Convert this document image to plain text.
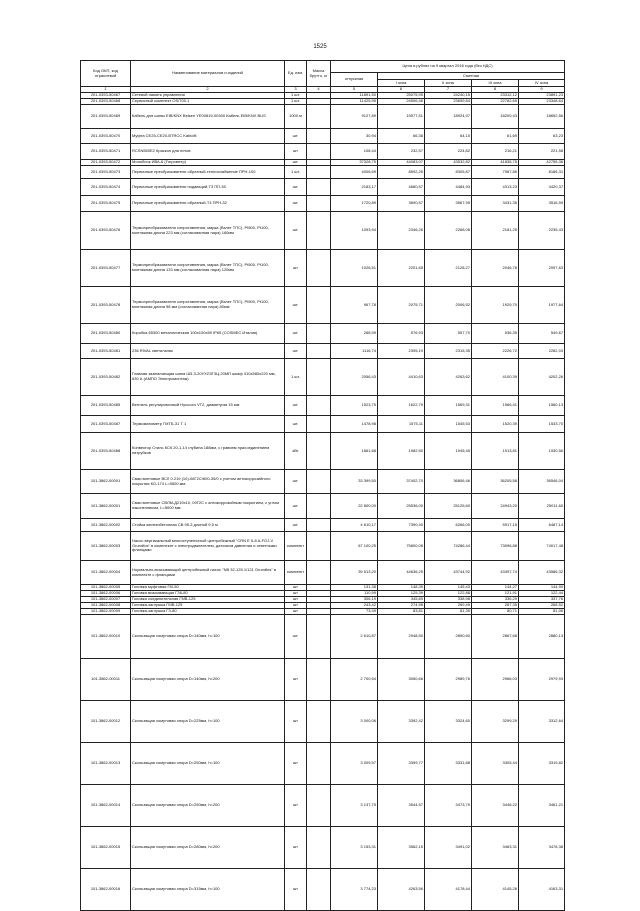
1525
Код ОКП, код отраслевой	Наименование материалов и изделий	Ед. изм.	Масса брутто, кг	Цена в рублях на 9 квартал 2016 года (без НДС)				
				отпускная	Сметная			
					I зона	II зона	III зона	IV зона
1	2	3	4	5	6	7	8	9
201-0393-50467	Сетевой память управления	1 шт.		11891,50	25075,95	24240,15	23312,12	23891,23
201-0393-50468	Сервисный комплект OS/700.1	1 шт.		11425,95	24506,46	23699,84	22782,69	23348,64
201-0393-50469	Кабель для шины EIB/KNX Belsen YE00819-00300 Кабель EIB/KNX BUS	1000 м		9127,89	19577,51	18924,97	18200,43	18652,56
201-0393-50470	Муфта CE25-CE20-BTRCC Kabiofil	шт.		30,94	66,38	64,15	61,69	63,23
201-0393-50471	RCSN550E2 Краскон для потов	шт		108,44	232,57	224,82	216,21	221,58
201-0393-50472	Моноблок ИВА-6 (Гигрометр)	шт.		37328,75	44083,07	43532,82	41835,75	42755,36
201-0393-50473	Первичные преобразователи обратный-теплоснабжение ПРН-100	1 шт.		4006,69	8592,26	8305,87	7987,86	8186,31
201-0393-50474	Первичные преобразователи подающий-ТЗ ПП-50	шт.		2183,17	4680,57	4484,93	4313,23	4420,37
201-0393-50475	Первичные преобразователи обратный-Т4 ПРН-32	шт.		1720,89	3690,57	3567,95	3431,35	3516,59
201-0393-50476	Термопреобразователи сопротивления, марка (Взлет ТПС), Pt500, Pt100, монтажная длина 223 мм (согласованная пара) 160мм	шт.		1093,94	2346,26	2268,08	2181,25	2235,43
201-0393-50477	Термопреобразователи сопротивления, марка (Взлет ТПС), Pt500, Pt100, монтажная длина 133 мм (согласованная пара) 120мм	шт		1026,51	2201,65	2128,27	2046,78	2097,63
201-0393-50478	Термопреобразователи сопротивления, марка (Взлет ТПС), Pt500, Pt100, монтажная длина 98 мм (согласованная пара) 80мм	шт.		967,78	2075,71	2006,52	1929,70	1977,64
201-0393-50480	Коробка 65300 металлическая 100х100х59 IP65 (COSMEC Италия)	шт.		268,99	576,93	557,70	536,35	549,67
201-0393-50481	236 RIVAL светильник	шт.		1116,74	2395,19	2315,35	2226,72	2282,03
201-0393-50482	Главная заземляющая шина Ш3-3-20УХЛ3Г3Ц-20МП шкаф 310х580х220 мм, 630 А (АМПО Электромонтаж)	1 шт.		2056,43	4410,63	4263,62	4100,39	4202,26
201-0393-50485	Вентиль регулировочный Hycoocn VT2, диаметром 15 мм	шт.		1523,75	1622,79	1569,31	1566,41	1560,13
201-0393-50487	Термоманометр ГМТБ-31 Т 1	шт.		1478,98	1575,11	1545,53	1520,39	1533,70
201-0393-50488	Конвектор Стиль КСК 20-1,14 глубина 188мм, с гравием присоединением патрубков	кВт		1861,68	1982,50	1945,45	1913,81	1930,56
101-3862-00001	Сваи винтовые ВСЛ 0.219 (10)-06Г2С/600-35/0 с учетом антикоррозийного покрытия КО-174 L=5500 мм.	шт.		33 399,50	37402,70	36806,46	36205,58	36546,04
101-3862-00001	Сваи винтовые СВЛМ-Д219х10, 09Г2С с антикоррозийным покрытием, с углом наконечником, L=5000 мм.	шт.		22 800,00	25536,00	25125,60	24943,20	25011,60
101-3862-00002	Стойка железобетонная СВ 95-3 длиной 9,5 м	шт.		4 610,17	7390,40	6266,00	5917,15	6487,14
101-3862-00003	Насос вертикальный многоступенчатый центробежный "CRN E 5-8 A-FGJ-V Grundfos" в комплекте с электродвигателем, датчиком давления и ответными фланцами	комплект		67 100,25	75800,08	74286,44	73096,88	74017,48
101-3862-00004	Нормально-всасывающий центробежный насос "NB 32-125.1/121 Grundfos" в комплекте с фланцами	комплект		39 513,20	44636,25	43744,92	43397,74	43586,32
101-3862-00005	Головка муфтовая ГМ-50	шт		131,38	148,39	145,43	144,27	144,90
101-3862-00006	Головка всасывающая ГЗ6-80	шт		110,99	125,39	122,88	121,91	122,44
101-3862-00007	Головка соединительная ГМВ-125	шт		306,19	345,89	338,98	336,29	337,76
101-3862-00008	Головка-заглушка ГМВ-125	шт		243,42	274,98	269,49	267,35	268,52
101-3862-00009	Головка-заглушка ГЗ-80	шт		73,49	83,81	81,35	80,71	81,06
101-3862-00010	Скользящая хомутовая опора D=140мм, h=100	шт.		2 610,87	2948,50	2890,60	2867,68	2880,13
101-3862-00011	Скользящая хомутовая опора D=140мм, h=200	шт		2 700,54	3050,66	2989,76	2966,03	2979,93
101-3862-00012	Скользящая хомутовая опора D=225мм, h=100	шт		3 000,06	3392,42	3324,60	3299,29	3312,64
101-3862-00013	Скользящая хомутовая опора D=250мм, h=100	шт		3 009,57	3399,77	3331,88	3305,44	3319,82
101-3862-00014	Скользящая хомутовая опора D=250мм, h=200	шт		3 137,75	3544,57	3473,79	3446,22	3461,21
101-3862-00015	Скользящая хомутовая опора D=280мм, h=200	шт		3 153,31	3562,15	3491,02	3463,31	3478,38
101-3862-00016	Скользящая хомутовая опора D=315мм, h=100	шт		3 774,23	4263,56	4178,44	4145,28	4163,31
